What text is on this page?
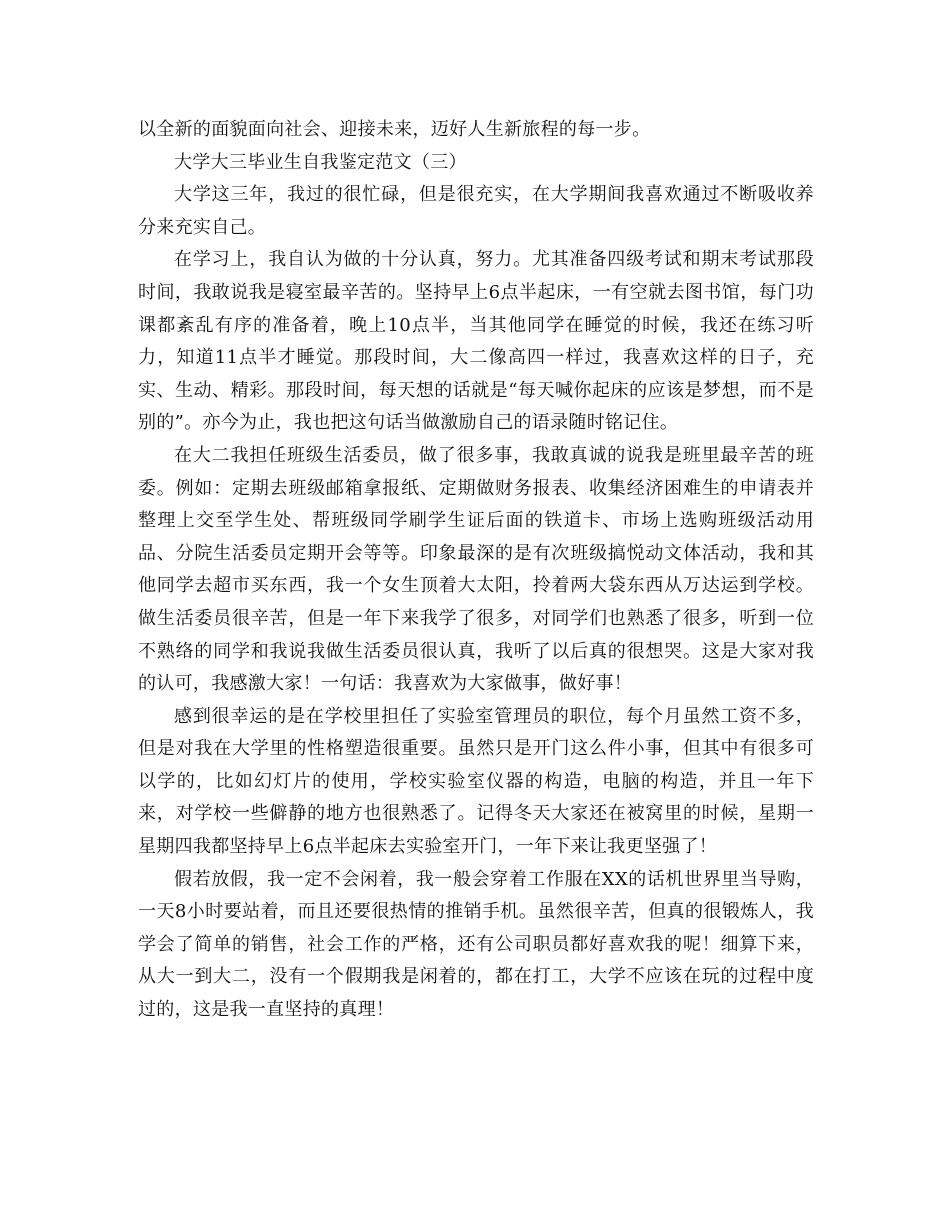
以全新的面貌面向社会、迎接未来，迈好人生新旅程的每一步。

大学大三毕业生自我鉴定范文（三）

大学这三年，我过的很忙碌，但是很充实，在大学期间我喜欢通过不断吸收养分来充实自己。

在学习上，我自认为做的十分认真，努力。尤其准备四级考试和期末考试那段时间，我敢说我是寝室最辛苦的。坚持早上6点半起床，一有空就去图书馆，每门功课都紊乱有序的准备着，晚上10点半，当其他同学在睡觉的时候，我还在练习听力，知道11点半才睡觉。那段时间，大二像高四一样过，我喜欢这样的日子，充实、生动、精彩。那段时间，每天想的话就是“每天喊你起床的应该是梦想，而不是别的”。亦今为止，我也把这句话当做激励自己的语录随时铭记住。

在大二我担任班级生活委员，做了很多事，我敢真诚的说我是班里最辛苦的班委。例如：定期去班级邮箱拿报纸、定期做财务报表、收集经济困难生的申请表并整理上交至学生处、帮班级同学刷学生证后面的铁道卡、市场上选购班级活动用品、分院生活委员定期开会等等。印象最深的是有次班级搞悦动文体活动，我和其他同学去超市买东西，我一个女生顶着大太阳，拎着两大袋东西从万达运到学校。做生活委员很辛苦，但是一年下来我学了很多，对同学们也熟悉了很多，听到一位不熟络的同学和我说我做生活委员很认真，我听了以后真的很想哭。这是大家对我的认可，我感激大家！一句话：我喜欢为大家做事，做好事！

感到很幸运的是在学校里担任了实验室管理员的职位，每个月虽然工资不多，但是对我在大学里的性格塑造很重要。虽然只是开门这么件小事，但其中有很多可以学的，比如幻灯片的使用，学校实验室仪器的构造，电脑的构造，并且一年下来，对学校一些僻静的地方也很熟悉了。记得冬天大家还在被窝里的时候，星期一星期四我都坚持早上6点半起床去实验室开门，一年下来让我更坚强了！

假若放假，我一定不会闲着，我一般会穿着工作服在XX的话机世界里当导购，一天8小时要站着，而且还要很热情的推销手机。虽然很辛苦，但真的很锻炼人，我学会了简单的销售，社会工作的严格，还有公司职员都好喜欢我的呢！细算下来，从大一到大二，没有一个假期我是闲着的，都在打工，大学不应该在玩的过程中度过的，这是我一直坚持的真理！
